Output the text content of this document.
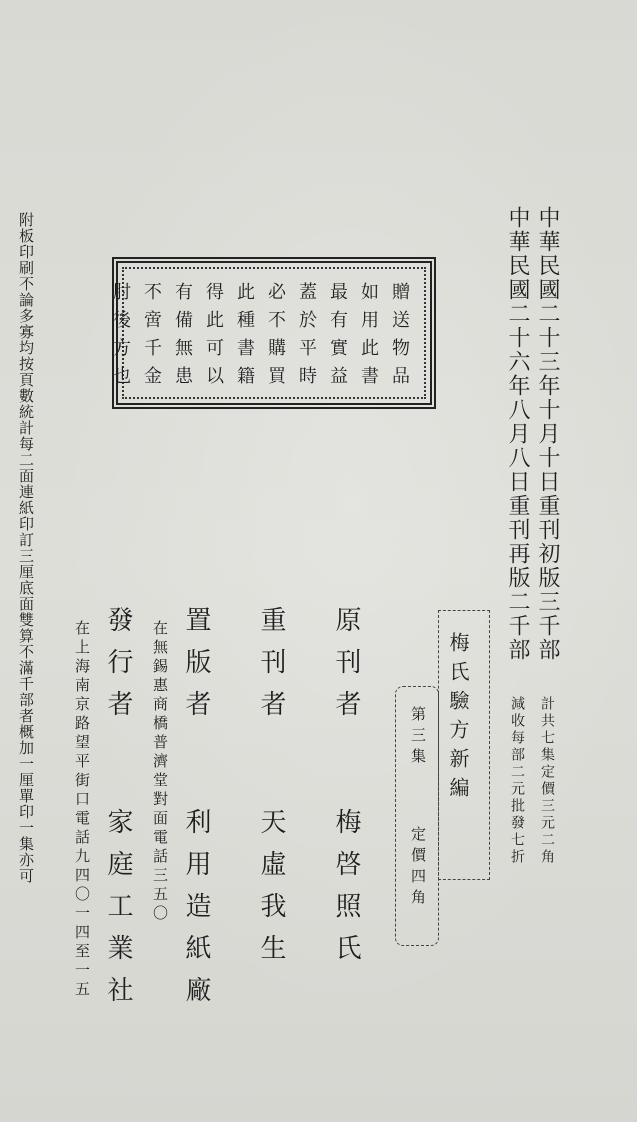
中華民國二十三年十月十日重刊初版三千部
中華民國二十六年八月八日重刊再版二千部
計共七集定價三元二角
減收每部二元批發七折
贈送物品
如用此書
最有實益
蓋於平時
必不購買
此種書籍
得此可以
有備無患
不啻千金
肘後方也
梅氏驗方新編
第三集
定價四角
原刊者
梅啓照氏
重刊者
天虛我生
置版者
利用造紙廠
在無錫惠商橋普濟堂對面電話三五〇
發行者
家庭工業社
在上海南京路望平街口電話九四〇一四至一五
附板印刷不論多寡均按頁數統計每二面連紙印訂三厘底面雙算不滿千部者概加一厘單印一集亦可
